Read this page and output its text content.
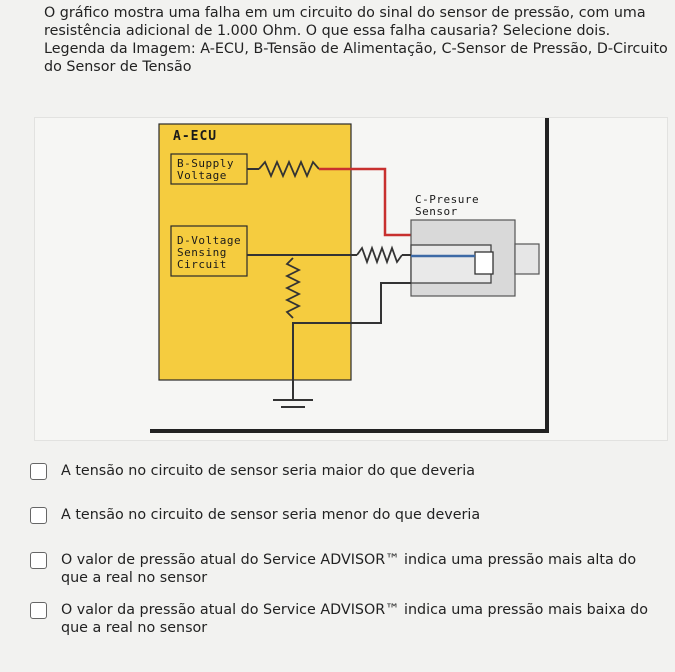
O gráfico mostra uma falha em um circuito do sinal do sensor de pressão, com uma resistência adicional de 1.000 Ohm. O que essa falha causaria? Selecione dois. Legenda da Imagem: A-ECU, B-Tensão de Alimentação, C-Sensor de Pressão, D-Circuito do Sensor de Tensão

A-ECU
B-Supply
Voltage
D-Voltage
Sensing
Circuit
C-Presure
Sensor
A tensão no circuito de sensor seria maior do que deveria
A tensão no circuito de sensor seria menor do que deveria
O valor de pressão atual do Service ADVISOR™ indica uma pressão mais alta do que a real no sensor
O valor da pressão atual do Service ADVISOR™ indica uma pressão mais baixa do que a real no sensor
